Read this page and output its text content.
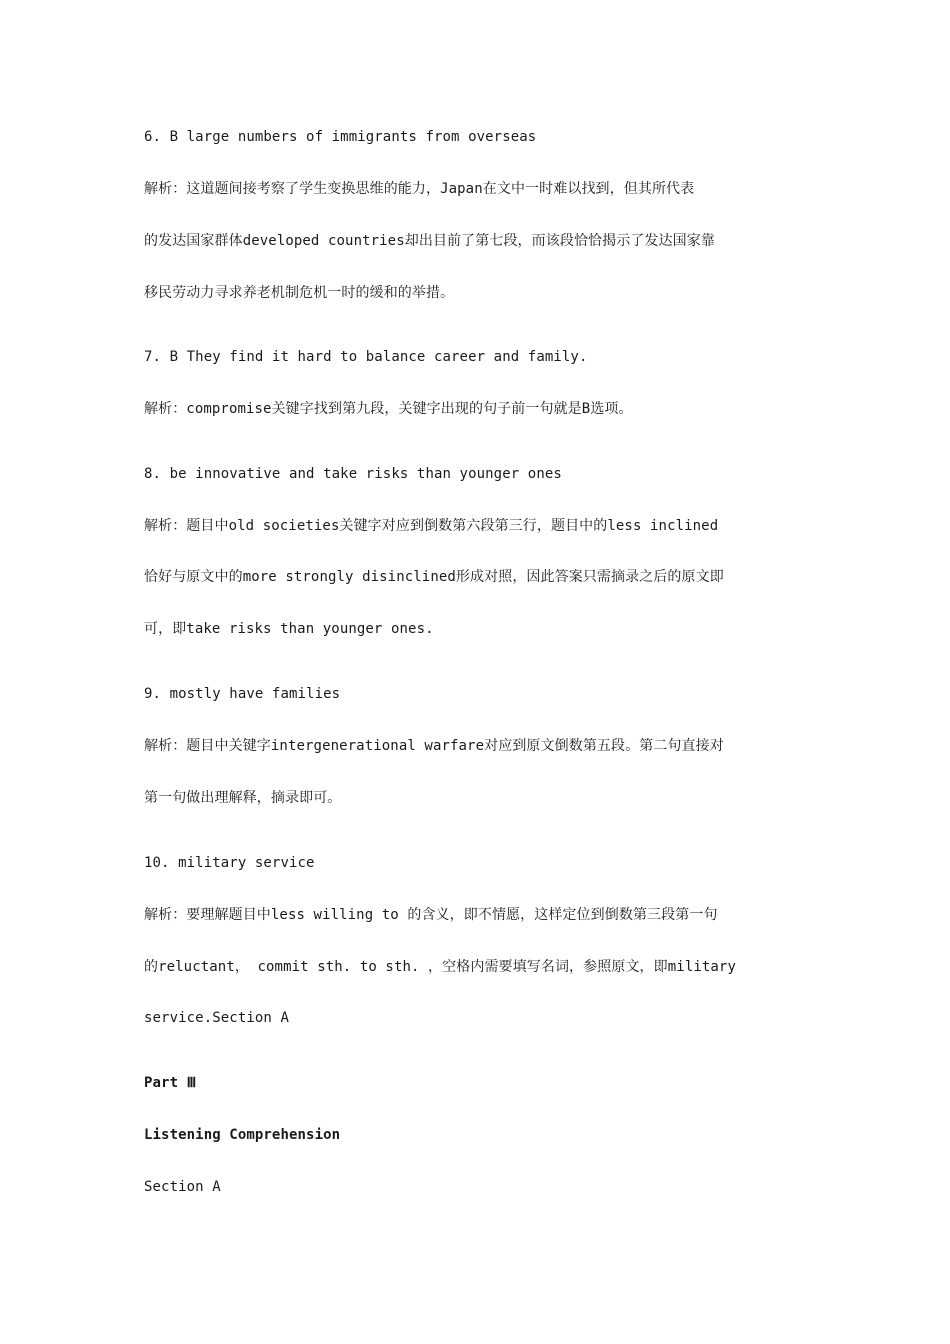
6. B large numbers of immigrants from overseas
解析：这道题间接考察了学生变换思维的能力，Japan在文中一时难以找到，但其所代表
的发达国家群体developed countries却出目前了第七段，而该段恰恰揭示了发达国家靠
移民劳动力寻求养老机制危机一时的缓和的举措。
7. B They find it hard to balance career and family.
解析：compromise关键字找到第九段，关键字出现的句子前一句就是B选项。
8. be innovative and take risks than younger ones
解析：题目中old societies关键字对应到倒数第六段第三行，题目中的less inclined
恰好与原文中的more strongly disinclined形成对照，因此答案只需摘录之后的原文即
可，即take risks than younger ones.
9. mostly have families
解析：题目中关键字intergenerational warfare对应到原文倒数第五段。第二句直接对
第一句做出理解释，摘录即可。
10. military service
解析：要理解题目中less willing to 的含义，即不情愿，这样定位到倒数第三段第一句
的reluctant， commit sth. to sth. ，空格内需要填写名词，参照原文，即military
service.Section A
Part Ⅲ
Listening Comprehension
Section A
